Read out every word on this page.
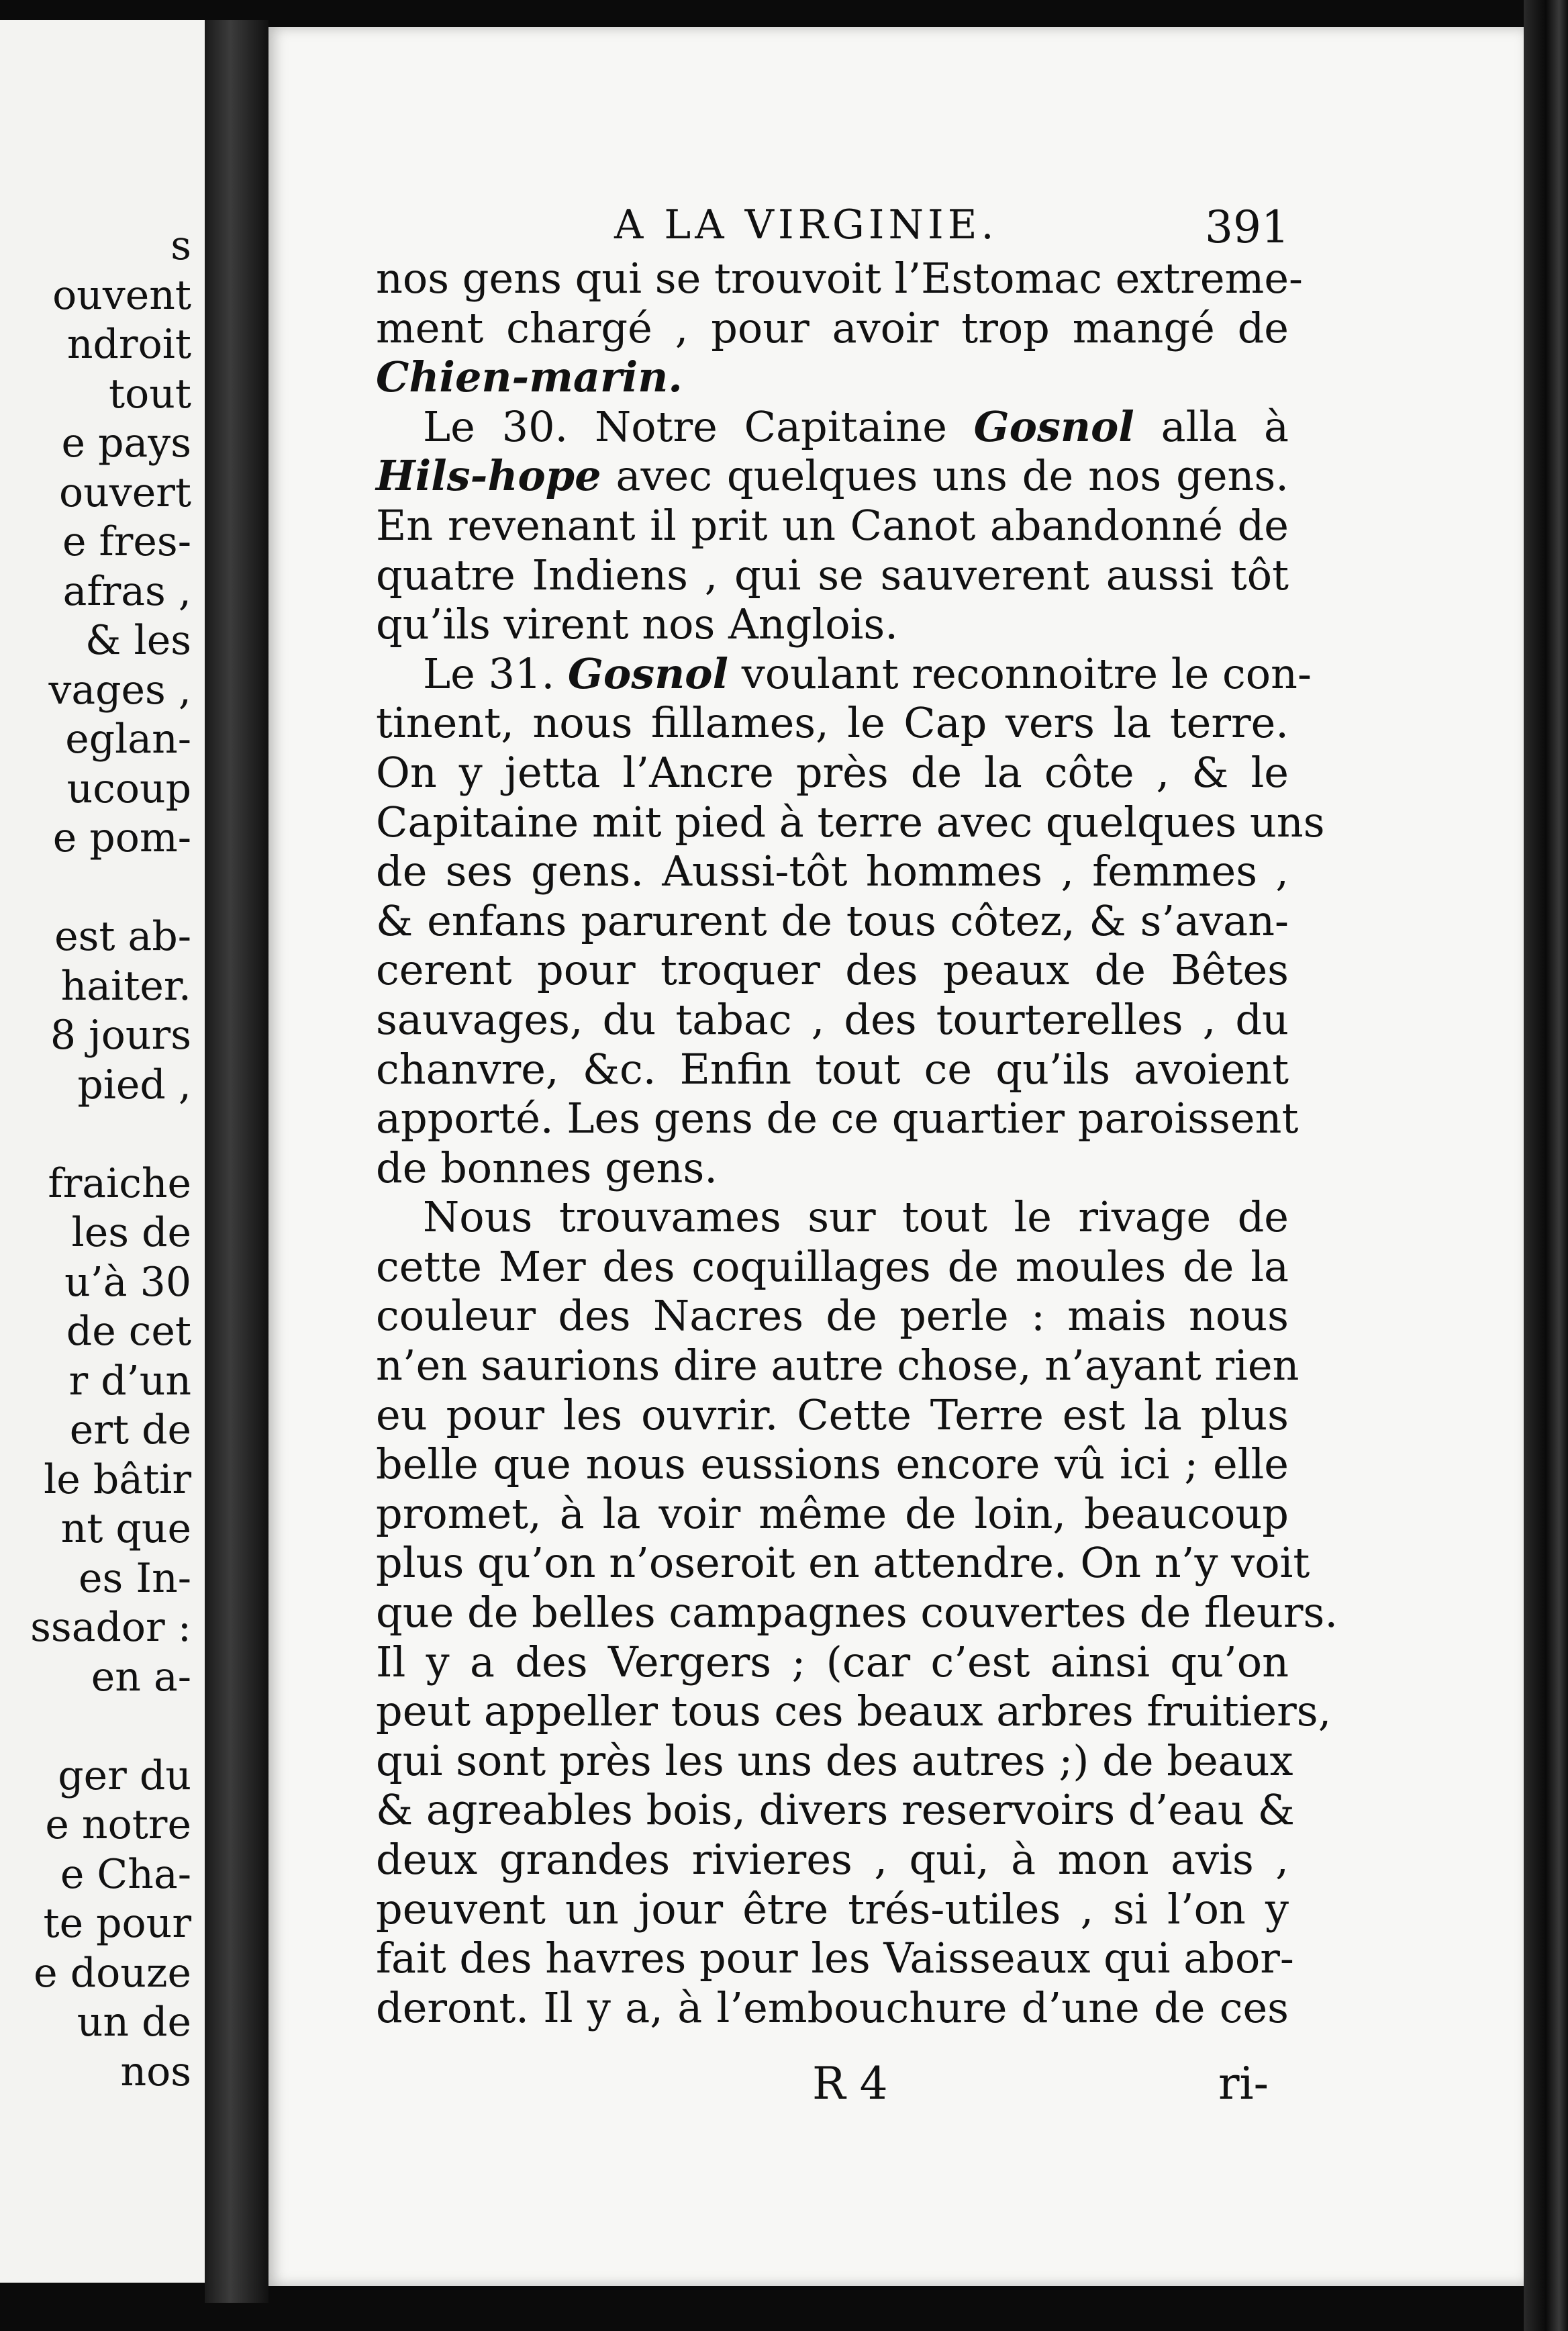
s
ouvent
ndroit
tout
e pays
ouvert
e fres-
afras ,
& les
vages ,
eglan-
ucoup
e pom-

est ab-
haiter.
8 jours
pied ,

fraiche
les de
u’à 30
de cet
r d’un
ert de
le bâtir
nt que
es In-
ssador :
en a-

ger du
e notre
e Cha-
te pour
e douze
un de
nos
A LA VIRGINIE.	391
nos gens qui se trouvoit l’Estomac extreme-
ment chargé , pour avoir trop mangé de
Chien-marin.
Le 30. Notre Capitaine Gosnol alla à
Hils-hope avec quelques uns de nos gens.
En revenant il prit un Canot abandonné de
quatre Indiens , qui se sauverent aussi tôt
qu’ils virent nos Anglois.
Le 31. Gosnol voulant reconnoitre le con-
tinent, nous fillames, le Cap vers la terre.
On y jetta l’Ancre près de la côte , & le
Capitaine mit pied à terre avec quelques uns
de ses gens. Aussi-tôt hommes , femmes ,
& enfans parurent de tous côtez, & s’avan-
cerent pour troquer des peaux de Bêtes
sauvages, du tabac , des tourterelles , du
chanvre, &c. Enfin tout ce qu’ils avoient
apporté. Les gens de ce quartier paroissent
de bonnes gens.
Nous trouvames sur tout le rivage de
cette Mer des coquillages de moules de la
couleur des Nacres de perle : mais nous
n’en saurions dire autre chose, n’ayant rien
eu pour les ouvrir. Cette Terre est la plus
belle que nous eussions encore vû ici ; elle
promet, à la voir même de loin, beaucoup
plus qu’on n’oseroit en attendre. On n’y voit
que de belles campagnes couvertes de fleurs.
Il y a des Vergers ; (car c’est ainsi qu’on
peut appeller tous ces beaux arbres fruitiers,
qui sont près les uns des autres ;) de beaux
& agreables bois, divers reservoirs d’eau &
deux grandes rivieres , qui, à mon avis ,
peuvent un jour être trés-utiles , si l’on y
fait des havres pour les Vaisseaux qui abor-
deront. Il y a, à l’embouchure d’une de ces
R 4	ri-
